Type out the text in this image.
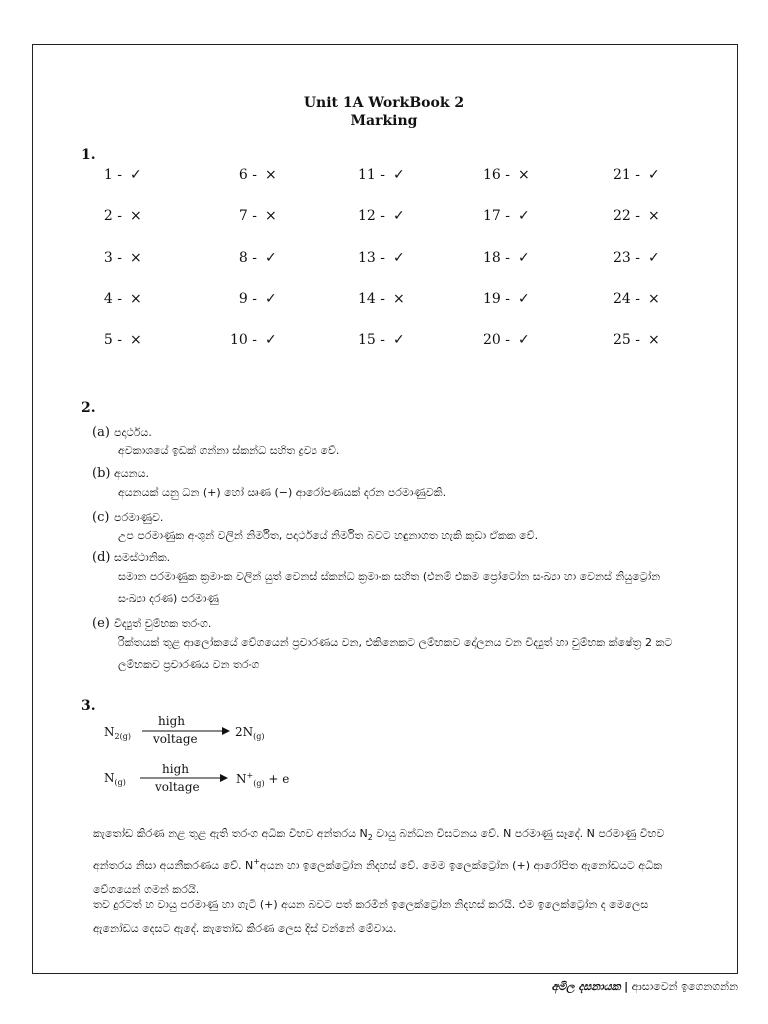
Unit 1A WorkBook 2
Marking
1.
1 - ✓
2 - ×
3 - ×
4 - ×
5 - ×
6 - ×
7 - ×
8 - ✓
9 - ✓
10 - ✓
11 - ✓
12 - ✓
13 - ✓
14 - ×
15 - ✓
16 - ×
17 - ✓
18 - ✓
19 - ✓
20 - ✓
21 - ✓
22 - ×
23 - ✓
24 - ×
25 - ×
2.
(a) පදාර්ථය.
අවකාශයේ ඉඩක් ගන්නා ස්කන්ධ සහිත ද්‍රව්‍ය වේ.
(b) අයනය.
අයනයක් යනු ධන (+) හෝ ඍණ (−) ආරෝපණයක් දරන පරමාණුවකි.
(c) පරමාණුව.
උප පරමාණුක අංශුන් වලින් නිර්මිත, පදාර්ථයේ නිර්මිත බවට හඳුනාගත හැකි කුඩා ඒකක වේ.
(d) සමස්ථානික.
සමාන පරමාණුක ක්‍රමාංක වලින් යුත් වෙනස් ස්කන්ධ ක්‍රමාංක සහිත (එනම් එකම ප්‍රෝටෝන සංඛ්‍යා හා වෙනස් නියුට්‍රෝන සංඛ්‍යා දරණ) පරමාණු
(e) විද්‍යුත් චුම්භක තරංග.
රික්තයක් තුළ ආලෝකයේ වේගයෙන් ප්‍රචාරණය වන, එකිනෙකට ලම්භකව දෝලනය වන විද්‍යුත් හා චුම්භක ක්ෂේත්‍ර 2 කට ලම්භකව ප්‍රචාරණය වන තරංග
3.
$N_{2(g)}$
high
voltage	$2N_{(g)}$
$N_{(g)}$
high
voltage
$N^+_{(g)} + e$
කැතෝඩ කිරණ නළ තුළ ඇති තරංග අධික විභව අන්තරය $N_2$ වායු බන්ධන විඝටනය වේ. N පරමාණු සෑදේ. N පරමාණු විභව අන්තරය නිසා අයනීකරණය වේ. N+අයන හා ඉලෙක්ට්‍රෝන නිදහස් වේ. මෙම ඉලෙක්ට්‍රෝන (+) ආරෝපිත ඇනෝඩයට අධික වේගයෙන් ගමන් කරයි.
තව දුරටත් හ වායු පරමාණු හා ගැටී (+) අයන බවට පත් කරමින් ඉලෙක්ට්‍රෝන නිදහස් කරයි. එම ඉලෙක්ට්‍රෝන ද මෙලෙස ඇනෝඩය දෙසට ඇදේ. කැතෝඩ කිරණ ලෙස දිස් වන්නේ මේවාය.
අමිල දසනායක | ආසාවෙන් ඉගෙනගන්න
